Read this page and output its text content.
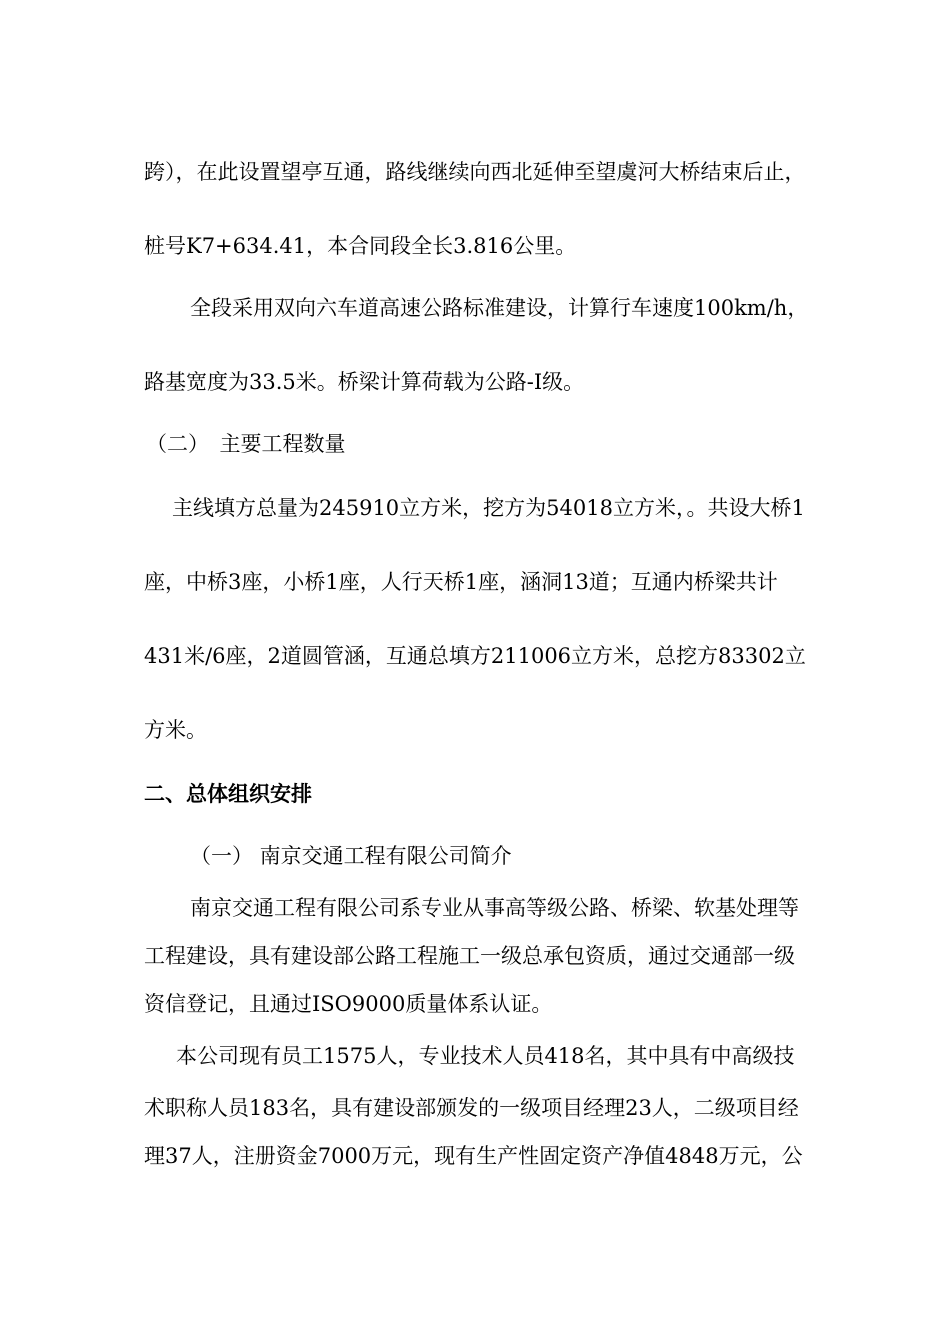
跨），在此设置望亭互通，路线继续向西北延伸至望虞河大桥结束后止，
桩号K7+634.41，本合同段全长3.816公里。
全段采用双向六车道高速公路标准建设，计算行车速度100km/h，
路基宽度为33.5米。桥梁计算荷载为公路-Ⅰ级。
（二）　主要工程数量
主线填方总量为245910立方米，挖方为54018立方米，。共设大桥1
座，中桥3座，小桥1座，人行天桥1座，涵洞13道；互通内桥梁共计
431米/6座，2道圆管涵，互通总填方211006立方米，总挖方83302立
方米。
二、总体组织安排
（一） 南京交通工程有限公司简介
南京交通工程有限公司系专业从事高等级公路、桥梁、软基处理等
工程建设，具有建设部公路工程施工一级总承包资质，通过交通部一级
资信登记，且通过ISO9000质量体系认证。
本公司现有员工1575人，专业技术人员418名，其中具有中高级技
术职称人员183名，具有建设部颁发的一级项目经理23人，二级项目经
理37人，注册资金7000万元，现有生产性固定资产净值4848万元，公
